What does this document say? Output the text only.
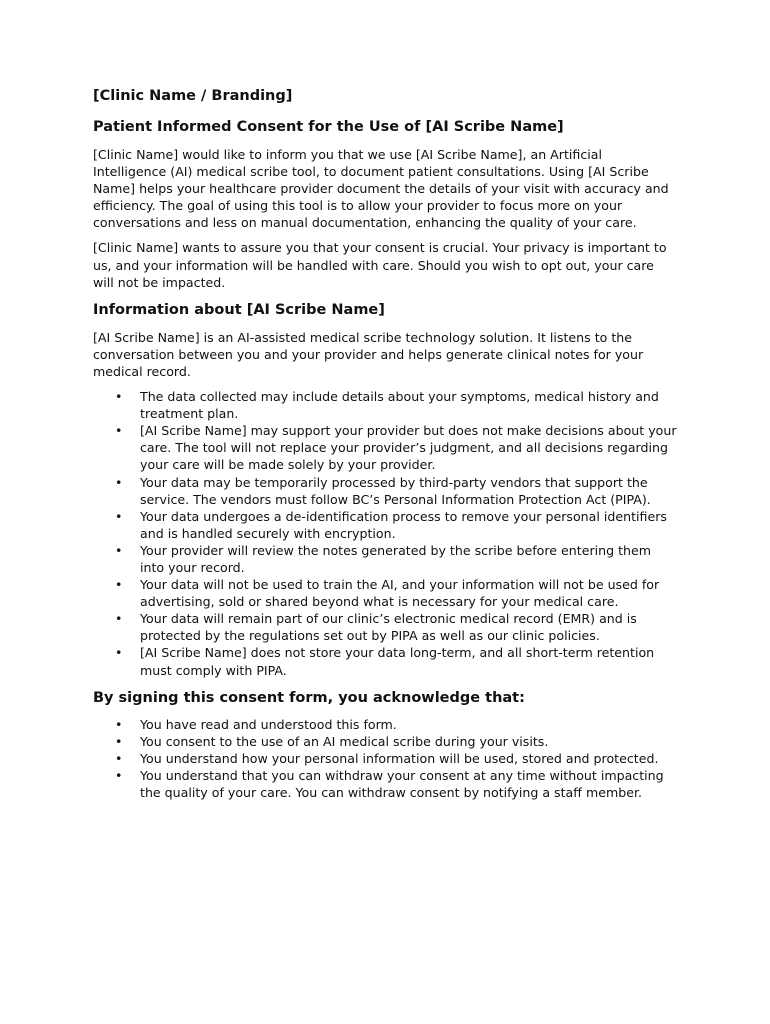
[Clinic Name / Branding]
Patient Informed Consent for the Use of [AI Scribe Name]

[Clinic Name] would like to inform you that we use [AI Scribe Name], an Artificial Intelligence (AI) medical scribe tool, to document patient consultations. Using [AI Scribe Name] helps your healthcare provider document the details of your visit with accuracy and efficiency. The goal of using this tool is to allow your provider to focus more on your conversations and less on manual documentation, enhancing the quality of your care.

[Clinic Name] wants to assure you that your consent is crucial. Your privacy is important to us, and your information will be handled with care. Should you wish to opt out, your care will not be impacted.

Information about [AI Scribe Name]

[AI Scribe Name] is an AI-assisted medical scribe technology solution. It listens to the conversation between you and your provider and helps generate clinical notes for your medical record.

• The data collected may include details about your symptoms, medical history and treatment plan.
• [AI Scribe Name] may support your provider but does not make decisions about your care. The tool will not replace your provider’s judgment, and all decisions regarding your care will be made solely by your provider.
• Your data may be temporarily processed by third-party vendors that support the service. The vendors must follow BC’s Personal Information Protection Act (PIPA).
• Your data undergoes a de-identification process to remove your personal identifiers and is handled securely with encryption.
• Your provider will review the notes generated by the scribe before entering them into your record.
• Your data will not be used to train the AI, and your information will not be used for advertising, sold or shared beyond what is necessary for your medical care.
• Your data will remain part of our clinic’s electronic medical record (EMR) and is protected by the regulations set out by PIPA as well as our clinic policies.
• [AI Scribe Name] does not store your data long-term, and all short-term retention must comply with PIPA.
By signing this consent form, you acknowledge that:
• You have read and understood this form.
• You consent to the use of an AI medical scribe during your visits.
• You understand how your personal information will be used, stored and protected.
• You understand that you can withdraw your consent at any time without impacting the quality of your care. You can withdraw consent by notifying a staff member.
